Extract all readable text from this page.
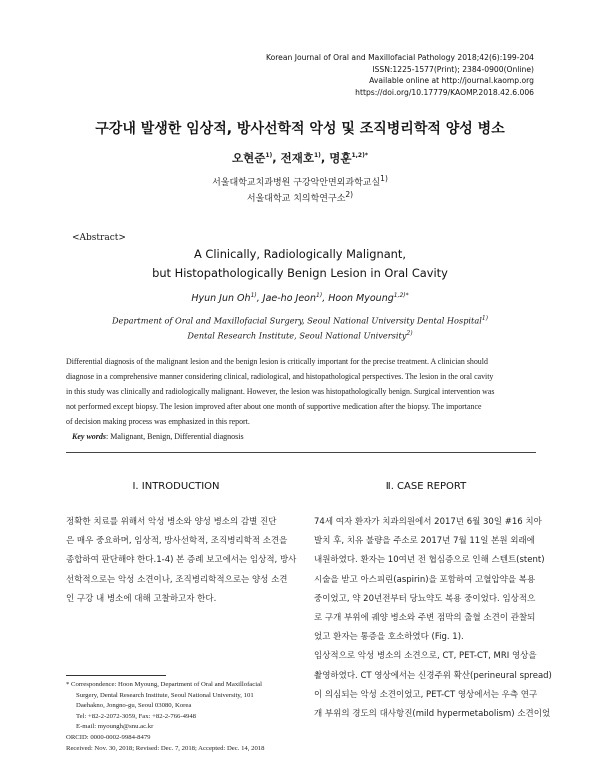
Korean Journal of Oral and Maxillofacial Pathology 2018;42(6):199-204
ISSN:1225-1577(Print); 2384-0900(Online)
Available online at http://journal.kaomp.org
https://doi.org/10.17779/KAOMP.2018.42.6.006
구강내 발생한 임상적, 방사선학적 악성 및 조직병리학적 양성 병소
오현준$^{1)}$, 전재호$^{1)}$, 명훈$^{1,2)*}$
서울대학교치과병원 구강악안면외과학교실$^{1)}$
서울대학교 치의학연구소$^{2)}$
<Abstract>
A Clinically, Radiologically Malignant,
but Histopathologically Benign Lesion in Oral Cavity
Hyun Jun Oh$^{1)}$, Jae-ho Jeon$^{1)}$, Hoon Myoung$^{1,2)*}$
Department of Oral and Maxillofacial Surgery, Seoul National University Dental Hospital$^{1)}$
Dental Research Institute, Seoul National University$^{2)}$
Differential diagnosis of the malignant lesion and the benign lesion is critically important for the precise treatment. A clinician should
diagnose in a comprehensive manner considering clinical, radiological, and histopathological perspectives. The lesion in the oral cavity
in this study was clinically and radiologically malignant. However, the lesion was histopathologically benign. Surgical intervention was
not performed except biopsy. The lesion improved after about one month of supportive medication after the biopsy. The importance
of decision making process was emphasized in this report.
Key words: Malignant, Benign, Differential diagnosis
Ⅰ. INTRODUCTION	Ⅱ. CASE REPORT
정확한 치료를 위해서 악성 병소와 양성 병소의 감별 진단
은 매우 중요하며, 임상적, 방사선학적, 조직병리학적 소견을
종합하여 판단해야 한다.1-4) 본 증례 보고에서는 임상적, 방사
선학적으로는 악성 소견이나, 조직병리학적으로는 양성 소견
인 구강 내 병소에 대해 고찰하고자 한다.
74세 여자 환자가 치과의원에서 2017년 6월 30일 #16 치아
발치 후, 치유 불량을 주소로 2017년 7월 11일 본원 외래에
내원하였다. 환자는 10여년 전 협심증으로 인해 스텐트(stent)
시술을 받고 아스피린(aspirin)을 포함하여 고혈압약을 복용
중이었고, 약 20년전부터 당뇨약도 복용 중이었다. 임상적으
로 구개 부위에 궤양 병소와 주변 점막의 출혈 소견이 관찰되
었고 환자는 통증을 호소하였다 (Fig. 1).
임상적으로 악성 병소의 소견으로, CT, PET-CT, MRI 영상을
촬영하였다. CT 영상에서는 신경주위 확산(perineural spread)
이 의심되는 악성 소견이었고, PET-CT 영상에서는 우측 연구
개 부위의 경도의 대사항진(mild hypermetabolism) 소견이었
* Correspondence: Hoon Myoung, Department of Oral and Maxillofacial
Surgery, Dental Research Institute, Seoul National University, 101
Daehakno, Jongno-gu, Seoul 03080, Korea
Tel: +82-2-2072-3059, Fax: +82-2-766-4948
E-mail: myoungh@snu.ac.kr
ORCID: 0000-0002-9984-8479
Received: Nov. 30, 2018; Revised: Dec. 7, 2018; Accepted: Dec. 14, 2018
